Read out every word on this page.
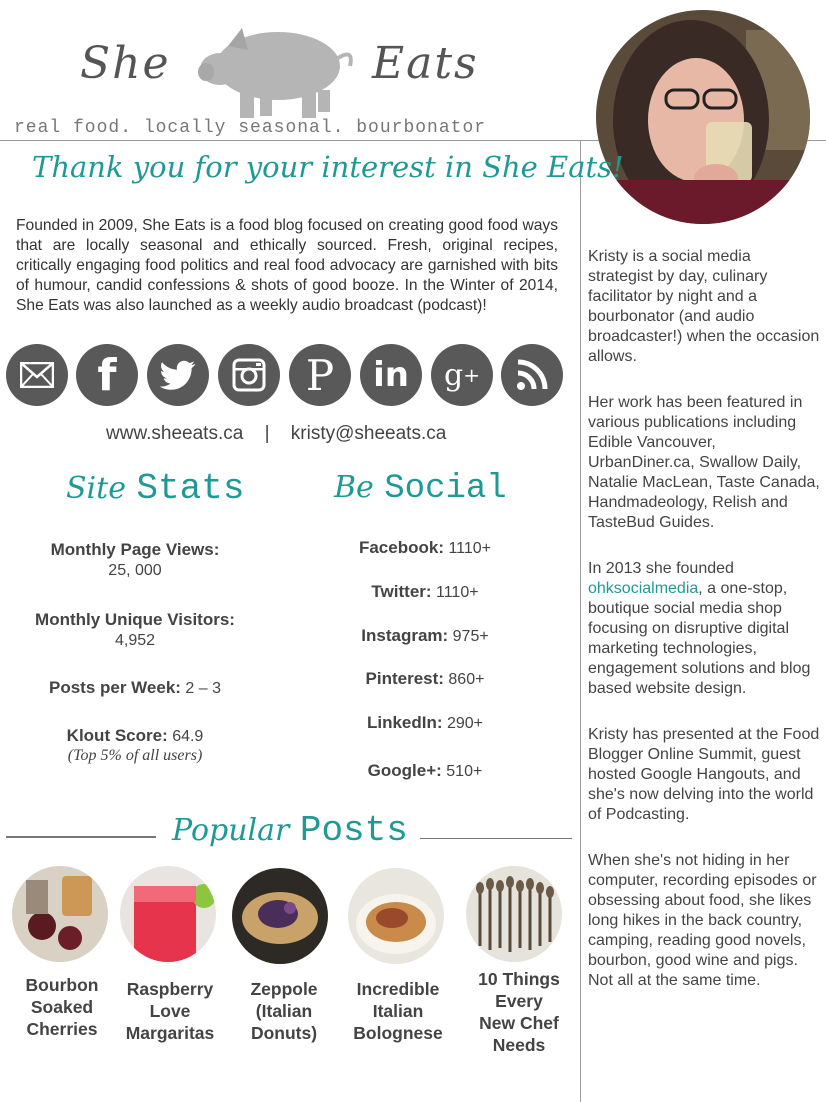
She	Eats
real food. locally seasonal. bourbonator
Thank you for your interest in She Eats!
Founded in 2009, She Eats is a food blog focused on creating good food ways that are locally seasonal and ethically sourced. Fresh, original recipes, critically engaging food politics and real food advocacy are garnished with bits of humour, candid confessions & shots of good booze. In the Winter of 2014, She Eats was also launched as a weekly audio broadcast (podcast)!
f	P	in	g +
www.sheeats.ca | kristy@sheeats.ca
Site Stats	Be Social
Monthly Page Views:
25, 000
Monthly Unique Visitors:
4,952
Posts per Week: 2 – 3
Klout Score: 64.9
(Top 5% of all users)
Facebook: 1110+
Twitter: 1110+
Instagram: 975+
Pinterest: 860+
LinkedIn: 290+
Google+: 510+
Popular Posts
Bourbon
Soaked
Cherries
Raspberry
Love
Margaritas
Zeppole
(Italian
Donuts)
Incredible
Italian
Bolognese
10 Things
Every
New Chef
Needs

Kristy is a social media strategist by day, culinary facilitator by night and a bourbonator (and audio broadcaster!) when the occasion allows.

Her work has been featured in various publications including Edible Vancouver, UrbanDiner.ca, Swallow Daily, Natalie MacLean, Taste Canada, Handmadeology, Relish and TasteBud Guides.

In 2013 she founded
ohksocialmedia, a one-stop, boutique social media shop focusing on disruptive digital marketing technologies, engagement solutions and blog based website design.

Kristy has presented at the Food Blogger Online Summit, guest hosted Google Hangouts, and she's now delving into the world of Podcasting.

When she's not hiding in her computer, recording episodes or obsessing about food, she likes long hikes in the back country, camping, reading good novels, bourbon, good wine and pigs. Not all at the same time.
